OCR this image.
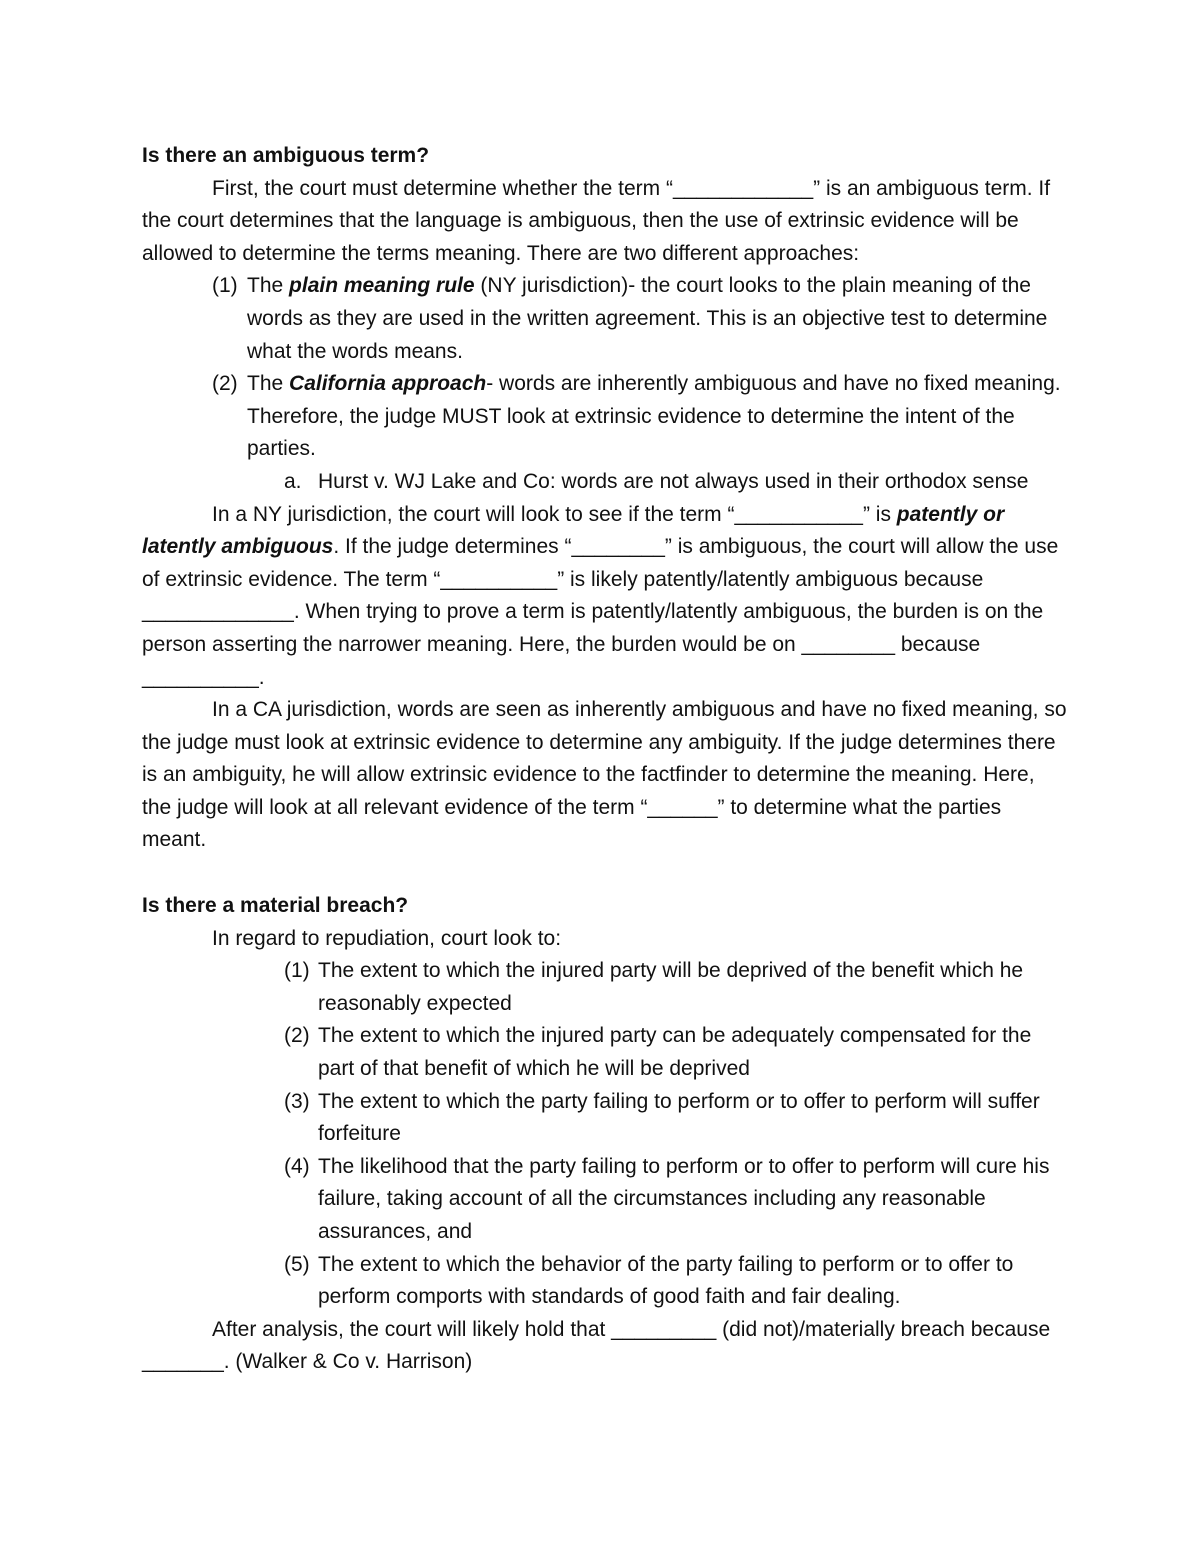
Is there an ambiguous term?

First, the court must determine whether the term “____________” is an ambiguous term. If the court determines that the language is ambiguous, then the use of extrinsic evidence will be allowed to determine the terms meaning. There are two different approaches:

(1) The plain meaning rule (NY jurisdiction)- the court looks to the plain meaning of the words as they are used in the written agreement. This is an objective test to determine what the words means.
(2) The California approach- words are inherently ambiguous and have no fixed meaning. Therefore, the judge MUST look at extrinsic evidence to determine the intent of the parties.
a. Hurst v. WJ Lake and Co: words are not always used in their orthodox sense

In a NY jurisdiction, the court will look to see if the term “___________” is patently or latently ambiguous. If the judge determines “________” is ambiguous, the court will allow the use of extrinsic evidence. The term “__________” is likely patently/latently ambiguous because _____________. When trying to prove a term is patently/latently ambiguous, the burden is on the person asserting the narrower meaning. Here, the burden would be on ________ because __________.

In a CA jurisdiction, words are seen as inherently ambiguous and have no fixed meaning, so the judge must look at extrinsic evidence to determine any ambiguity. If the judge determines there is an ambiguity, he will allow extrinsic evidence to the factfinder to determine the meaning. Here, the judge will look at all relevant evidence of the term “______” to determine what the parties meant.

Is there a material breach?

In regard to repudiation, court look to:

(1) The extent to which the injured party will be deprived of the benefit which he reasonably expected
(2) The extent to which the injured party can be adequately compensated for the part of that benefit of which he will be deprived
(3) The extent to which the party failing to perform or to offer to perform will suffer forfeiture
(4) The likelihood that the party failing to perform or to offer to perform will cure his failure, taking account of all the circumstances including any reasonable assurances, and
(5) The extent to which the behavior of the party failing to perform or to offer to perform comports with standards of good faith and fair dealing.

After analysis, the court will likely hold that _________ (did not)/materially breach because _______. (Walker & Co v. Harrison)
